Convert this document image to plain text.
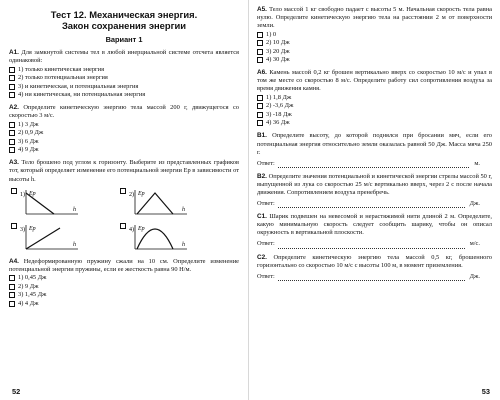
Тест 12. Механическая энергия.
Закон сохранения энергии
Вариант 1

A1. Для замкнутой системы тел в любой инерциальной системе отсчета является одинаковой:

1) только кинетическая энергия
2) только потенциальная энергия
3) и кинетическая, и потенциальная энергия
4) ни кинетическая, ни потенциальная энергия

A2. Определите кинетическую энергию тела массой 200 г, движущегося со скоростью 3 м/с.

1) 3 Дж
2) 0,9 Дж
3) 6 Дж
4) 9 Дж

A3. Тело брошено под углом к горизонту. Выберите из представленных графиков тот, который определяет изменение его потенциальной энергии Ep в зависимости от высоты h.

1) Ep
h
2) Ep
h
3) Ep
h
4) Ep
h

A4. Недеформированную пружину сжали на 10 см. Определите изменение потенциальной энергии пружины, если ее жесткость равна 90 Н/м.

1) 0,45 Дж
2) 9 Дж
3) 1,45 Дж
4) 4 Дж
52

A5. Тело массой 1 кг свободно падает с высоты 5 м. Начальная скорость тела равна нулю. Определите кинетическую энергию тела на расстоянии 2 м от поверхности земли.

1) 0
2) 10 Дж
3) 20 Дж
4) 30 Дж

A6. Камень массой 0,2 кг брошен вертикально вверх со скоростью 10 м/с и упал в том же месте со скоростью 8 м/с. Определите работу сил сопротивления воздуха за время движения камня.

1) 1,8 Дж
2) -3,6 Дж
3) -18 Дж
4) 36 Дж

B1. Определите высоту, до которой поднялся при бросании мяч, если его потенциальная энергия относительно земли оказалась равной 50 Дж. Масса мяча 250 г.

Ответ:	м.

B2. Определите значения потенциальной и кинетической энергии стрелы массой 50 г, выпущенной из лука со скоростью 25 м/с вертикально вверх, через 2 с после начала движения. Сопротивлением воздуха пренебречь.

Ответ:	Дж.

C1. Шарик подвешен на невесомой и нерастяжимой нити длиной 2 м. Определите, какую минимальную скорость следует сообщить шарику, чтобы он описал окружность в вертикальной плоскости.

Ответ:	м/с.

C2. Определите кинетическую энергию тела массой 0,5 кг, брошенного горизонтально со скоростью 10 м/с с высоты 100 м, в момент приземления.

Ответ:	Дж.
53
